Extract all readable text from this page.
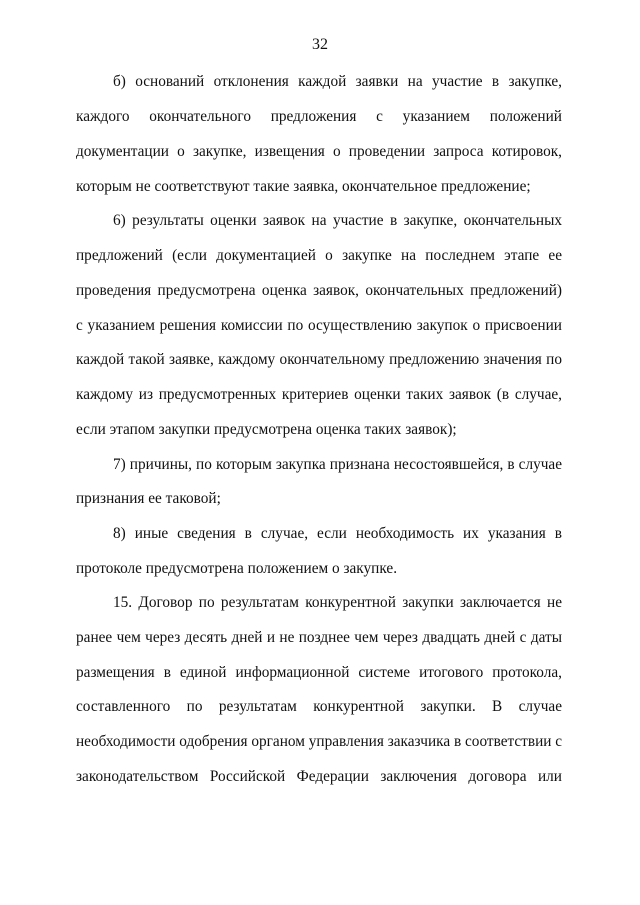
32
б) оснований отклонения каждой заявки на участие в закупке,
каждого окончательного предложения с указанием положений
документации о закупке, извещения о проведении запроса котировок,
которым не соответствуют такие заявка, окончательное предложение;
6) результаты оценки заявок на участие в закупке, окончательных
предложений (если документацией о закупке на последнем этапе ее
проведения предусмотрена оценка заявок, окончательных предложений)
с указанием решения комиссии по осуществлению закупок о присвоении
каждой такой заявке, каждому окончательному предложению значения по
каждому из предусмотренных критериев оценки таких заявок (в случае,
если этапом закупки предусмотрена оценка таких заявок);
7) причины, по которым закупка признана несостоявшейся, в случае
признания ее таковой;
8) иные сведения в случае, если необходимость их указания в
протоколе предусмотрена положением о закупке.
15. Договор по результатам конкурентной закупки заключается не
ранее чем через десять дней и не позднее чем через двадцать дней с даты
размещения в единой информационной системе итогового протокола,
составленного по результатам конкурентной закупки. В случае
необходимости одобрения органом управления заказчика в соответствии с
законодательством Российской Федерации заключения договора или
